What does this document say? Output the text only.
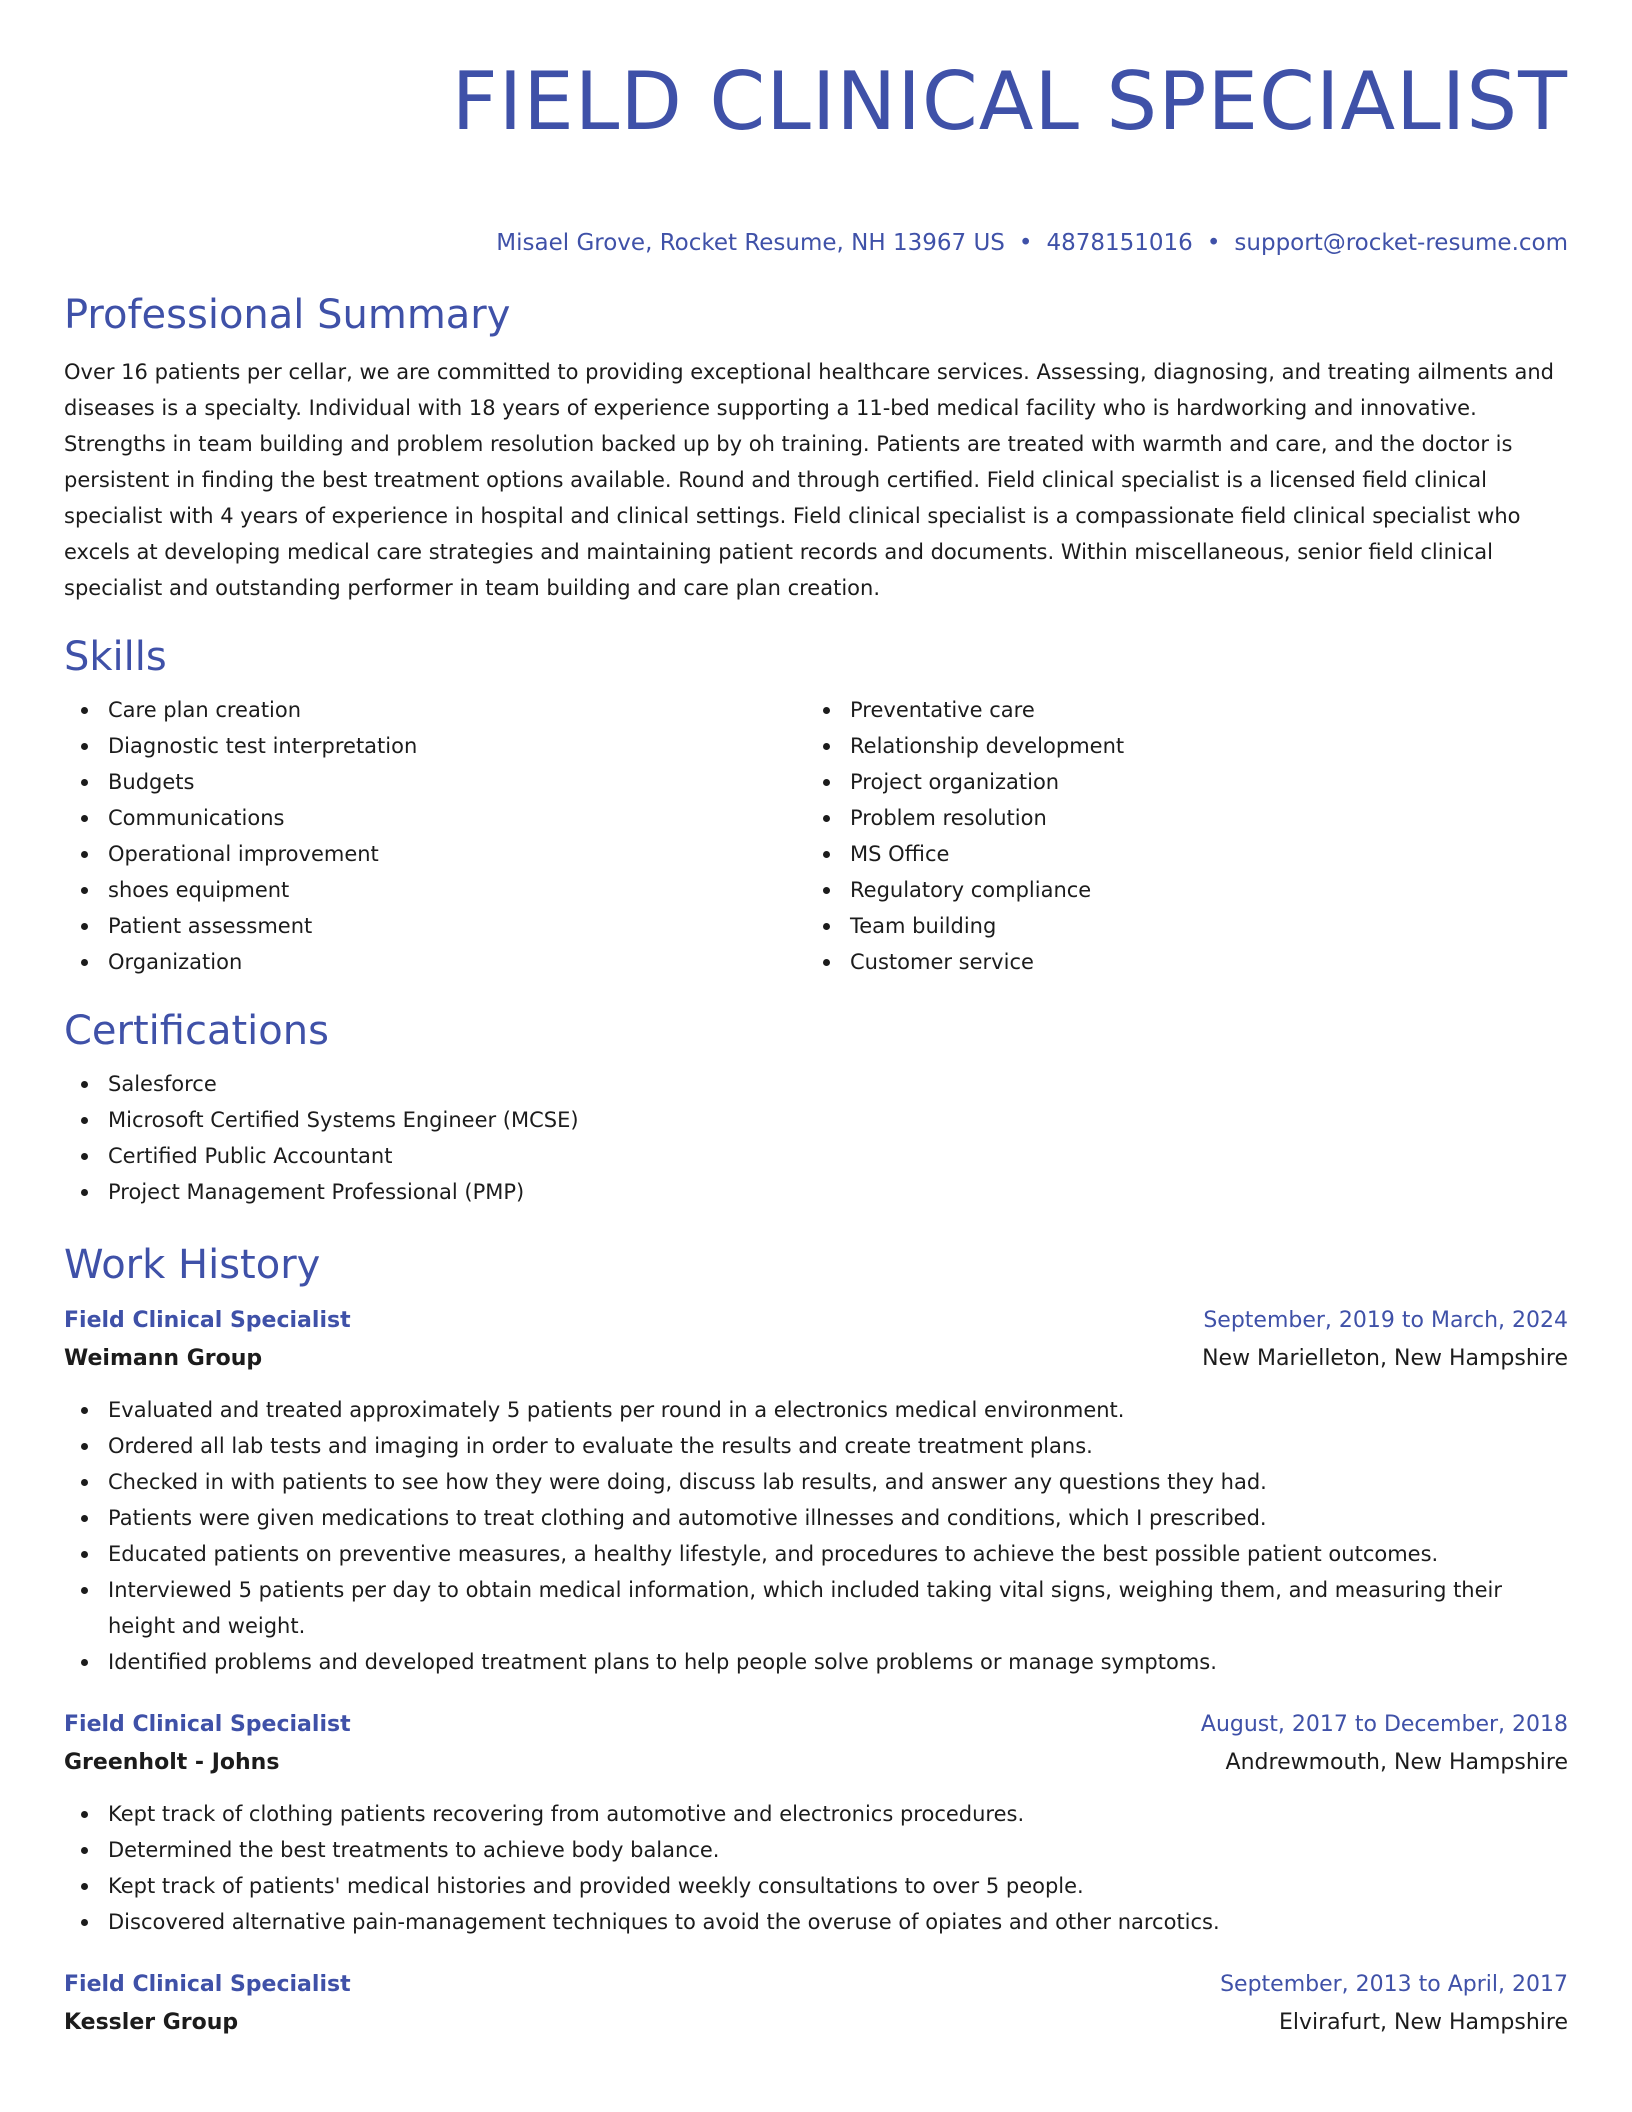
FIELD CLINICAL SPECIALIST
Misael Grove, Rocket Resume, NH 13967 US • 4878151016 • support@rocket-resume.com
Professional Summary

Over 16 patients per cellar, we are committed to providing exceptional healthcare services. Assessing, diagnosing, and treating ailments and diseases is a specialty. Individual with 18 years of experience supporting a 11-bed medical facility who is hardworking and innovative. Strengths in team building and problem resolution backed up by oh training. Patients are treated with warmth and care, and the doctor is persistent in finding the best treatment options available. Round and through certified. Field clinical specialist is a licensed field clinical specialist with 4 years of experience in hospital and clinical settings. Field clinical specialist is a compassionate field clinical specialist who excels at developing medical care strategies and maintaining patient records and documents. Within miscellaneous, senior field clinical specialist and outstanding performer in team building and care plan creation.

Skills
Care plan creation
Diagnostic test interpretation
Budgets
Communications
Operational improvement
shoes equipment
Patient assessment
Organization
Preventative care
Relationship development
Project organization
Problem resolution
MS Office
Regulatory compliance
Team building
Customer service
Certifications
Salesforce
Microsoft Certified Systems Engineer (MCSE)
Certified Public Accountant
Project Management Professional (PMP)
Work History
Field Clinical Specialist	September, 2019 to March, 2024
Weimann Group	New Marielleton, New Hampshire
Evaluated and treated approximately 5 patients per round in a electronics medical environment.
Ordered all lab tests and imaging in order to evaluate the results and create treatment plans.
Checked in with patients to see how they were doing, discuss lab results, and answer any questions they had.
Patients were given medications to treat clothing and automotive illnesses and conditions, which I prescribed.
Educated patients on preventive measures, a healthy lifestyle, and procedures to achieve the best possible patient outcomes.
Interviewed 5 patients per day to obtain medical information, which included taking vital signs, weighing them, and measuring their height and weight.
Identified problems and developed treatment plans to help people solve problems or manage symptoms.
Field Clinical Specialist	August, 2017 to December, 2018
Greenholt - Johns	Andrewmouth, New Hampshire
Kept track of clothing patients recovering from automotive and electronics procedures.
Determined the best treatments to achieve body balance.
Kept track of patients' medical histories and provided weekly consultations to over 5 people.
Discovered alternative pain-management techniques to avoid the overuse of opiates and other narcotics.
Field Clinical Specialist	September, 2013 to April, 2017
Kessler Group	Elvirafurt, New Hampshire
